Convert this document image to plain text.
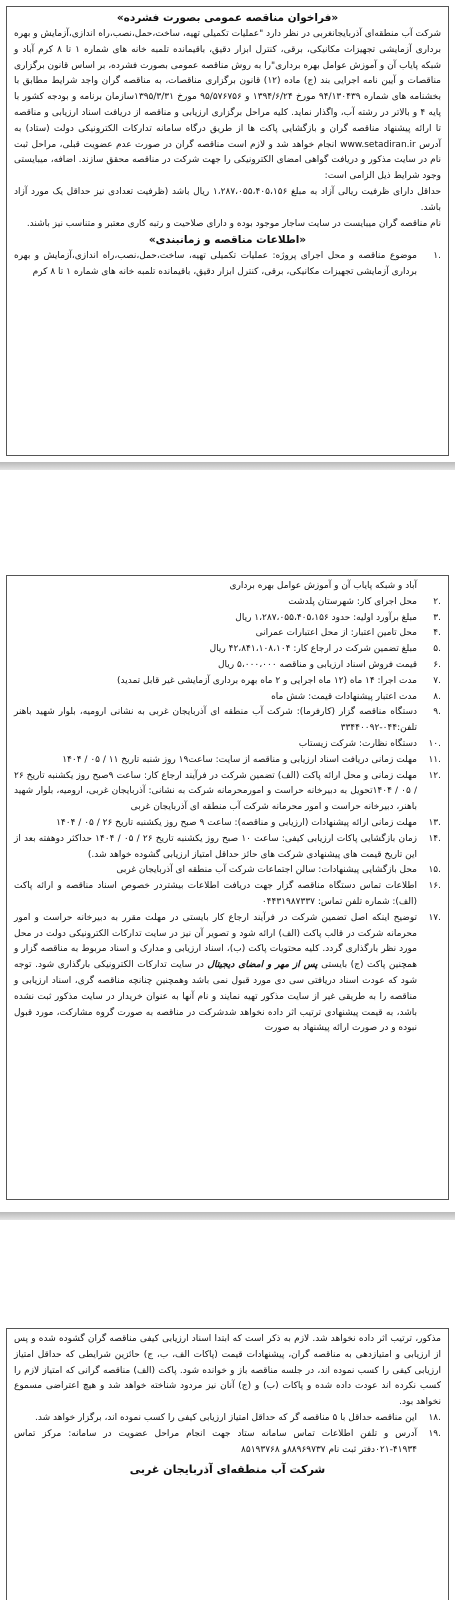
«فراخوان مناقصه عمومی بصورت فشرده»

شرکت آب منطقه‌ای آذربایجانغربی در نظر دارد "عملیات تکمیلی تهیه، ساخت،حمل،نصب،راه اندازی،آزمایش و بهره برداری آزمایشی تجهیزات مکانیکی، برقی، کنترل ابزار دقیق، باقیمانده تلمبه خانه های شماره ۱ تا ۸ کرم آباد و شبکه پایاب آن و آموزش عوامل بهره برداری"را به روش مناقصه عمومی بصورت فشرده، بر اساس قانون برگزاری مناقصات و آیین نامه اجرایی بند (ج) ماده (۱۲) قانون برگزاری مناقصات، به مناقصه گران واجد شرایط مطابق با بخشنامه های شماره ۹۴/۱۳۰۴۳۹ مورخ ۱۳۹۴/۶/۲۴ و ۹۵/۵۷۶۷۵۶ مورخ ۱۳۹۵/۳/۳۱سازمان برنامه و بودجه کشور با پایه ۴ و بالاتر در رشته آب، واگذار نماید. کلیه مراحل برگزاری ارزیابی و مناقصه از دریافت اسناد ارزیابی و مناقصه تا ارائه پیشنهاد مناقصه گران و بازگشایی پاکت ها از طریق درگاه سامانه تدارکات الکترونیکی دولت (ستاد) به آدرس www.setadiran.ir انجام خواهد شد و لازم است مناقصه گران در صورت عدم عضویت قبلی، مراحل ثبت نام در سایت مذکور و دریافت گواهی امضای الکترونیکی را جهت شرکت در مناقصه محقق سازند. اضافه، میبایستی وجود شرایط ذیل الزامی است:

حداقل دارای ظرفیت ریالی آزاد به مبلغ ۱،۲۸۷،۰۵۵،۴۰۵،۱۵۶ ریال باشد (ظرفیت تعدادی نیز حداقل یک مورد آزاد باشد.

نام مناقصه گران میبایست در سایت ساجار موجود بوده و دارای صلاحیت و رتبه کاری معتبر و متناسب نیز باشند.

«اطلاعات مناقصه و زمانبندی»
۱.
موضوع مناقصه و محل اجرای پروژه: عملیات تکمیلی تهیه، ساخت،حمل،نصب،راه اندازی،آزمایش و بهره برداری آزمایشی تجهیزات مکانیکی، برقی، کنترل ابزار دقیق، باقیمانده تلمبه خانه های شماره ۱ تا ۸ کرم
آباد و شبکه پایاب آن و آموزش عوامل بهره برداری
۲.
محل اجرای کار: شهرستان پلدشت
۳.
مبلغ برآورد اولیه: حدود ۱،۲۸۷،۰۵۵،۴۰۵،۱۵۶ ریال
۴.
محل تامین اعتبار: از محل اعتبارات عمرانی
۵.
مبلغ تضمین شرکت در ارجاع کار: ۴۲،۸۴۱،۱۰۸،۱۰۴ ریال
۶.
قیمت فروش اسناد ارزیابی و مناقصه ۵،۰۰۰،۰۰۰ ریال
۷.
مدت اجرا: ۱۴ ماه (۱۲ ماه اجرایی و ۲ ماه بهره برداری آزمایشی غیر قابل تمدید)
۸.
مدت اعتبار پیشنهادات قیمت: شش ماه
۹.
دستگاه مناقصه گزار (کارفرما): شرکت آب منطقه ای آذربایجان غربی به نشانی ارومیه، بلوار شهید باهنر تلفن:۰۴۴-۳۳۴۴۰۰۹۲
۱۰.
دستگاه نظارت: شرکت زیستاب
۱۱.
مهلت زمانی دریافت اسناد ارزیابی و مناقصه از سایت: ساعت۱۹ روز شنبه تاریخ ۱۱ / ۰۵ / ۱۴۰۴
۱۲.
مهلت زمانی و محل ارائه پاکت (الف) تضمین شرکت در فرآیند ارجاع کار: ساعت ۹صبح روز یکشنبه تاریخ ۲۶ / ۰۵ / ۱۴۰۴تحویل به دبیرخانه حراست و امورمحرمانه شرکت به نشانی: آذربایجان غربی، ارومیه، بلوار شهید باهنر، دبیرخانه حراست و امور محرمانه شرکت آب منطقه ای آذربایجان غربی
۱۳.
مهلت زمانی ارائه پیشنهادات (ارزیابی و مناقصه): ساعت ۹ صبح روز یکشنبه تاریخ ۲۶ / ۰۵ / ۱۴۰۴
۱۴.
زمان بازگشایی پاکات ارزیابی کیفی: ساعت ۱۰ صبح روز یکشنبه تاریخ ۲۶ / ۰۵ / ۱۴۰۴ حداکثر دوهفته بعد از این تاریخ قیمت های پیشنهادی شرکت های حائز حداقل امتیاز ارزیابی گشوده خواهد شد.)
۱۵.
محل بازگشایی پیشنهادات: سالن اجتماعات شرکت آب منطقه ای آذربایجان غربی
۱۶.
اطلاعات تماس دستگاه مناقصه گزار جهت دریافت اطلاعات بیشتردر خصوص اسناد مناقصه و ارائه پاکت (الف): شماره تلفن تماس: ۰۴۴۳۱۹۸۷۳۳۷
۱۷.
توضیح اینکه اصل تضمین شرکت در فرآیند ارجاع کار بایستی در مهلت مقرر به دبیرخانه حراست و امور محرمانه شرکت در قالب پاکت (الف) ارائه شود و تصویر آن نیز در سایت تدارکات الکترونیکی دولت در محل مورد نظر بارگذاری گردد. کلیه محتویات پاکت (ب)، اسناد ارزیابی و مدارک و اسناد مربوط به مناقصه گزار و همچنین پاکت (ج) بایستی پس از مهر و امضای دیجیتال در سایت تدارکات الکترونیکی بارگذاری شود. توجه شود که عودت اسناد دریافتی سی دی مورد قبول نمی باشد وهمچنین چنانچه مناقصه گری، اسناد ارزیابی و مناقصه را به طریقی غیر از سایت مذکور تهیه نمایند و نام آنها به عنوان خریدار در سایت مذکور ثبت نشده باشد، به قیمت پیشنهادی ترتیب اثر داده نخواهد شدشرکت در مناقصه به صورت گروه مشارکت، مورد قبول نبوده و در صورت ارائه پیشنهاد به صورت

مذکور، ترتیب اثر داده نخواهد شد. لازم به ذکر است که ابتدا اسناد ارزیابی کیفی مناقصه گران گشوده شده و پس از ارزیابی و امتیازدهی به مناقصه گران، پیشنهادات قیمت (پاکات الف، ب، ج) حائزین شرایطی که حداقل امتیاز ارزیابی کیفی را کسب نموده اند، در جلسه مناقصه باز و خوانده شود. پاکت (الف) مناقصه گرانی که امتیاز لازم را کسب نکرده اند عودت داده شده و پاکات (ب) و (ج) آنان نیز مردود شناخته خواهد شد و هیچ اعتراضی مسموع نخواهد بود.

۱۸.
این مناقصه حداقل با ۵ مناقصه گر که حداقل امتیاز ارزیابی کیفی را کسب نموده اند، برگزار خواهد شد.
۱۹.
آدرس و تلفن اطلاعات تماس سامانه ستاد جهت انجام مراحل عضویت در سامانه: مرکز تماس ۴۱۹۳۴-۰۲۱دفتر ثبت نام ۸۸۹۶۹۷۳۷و ۸۵۱۹۳۷۶۸
شرکت آب منطقه‌ای آذربایجان غربی
